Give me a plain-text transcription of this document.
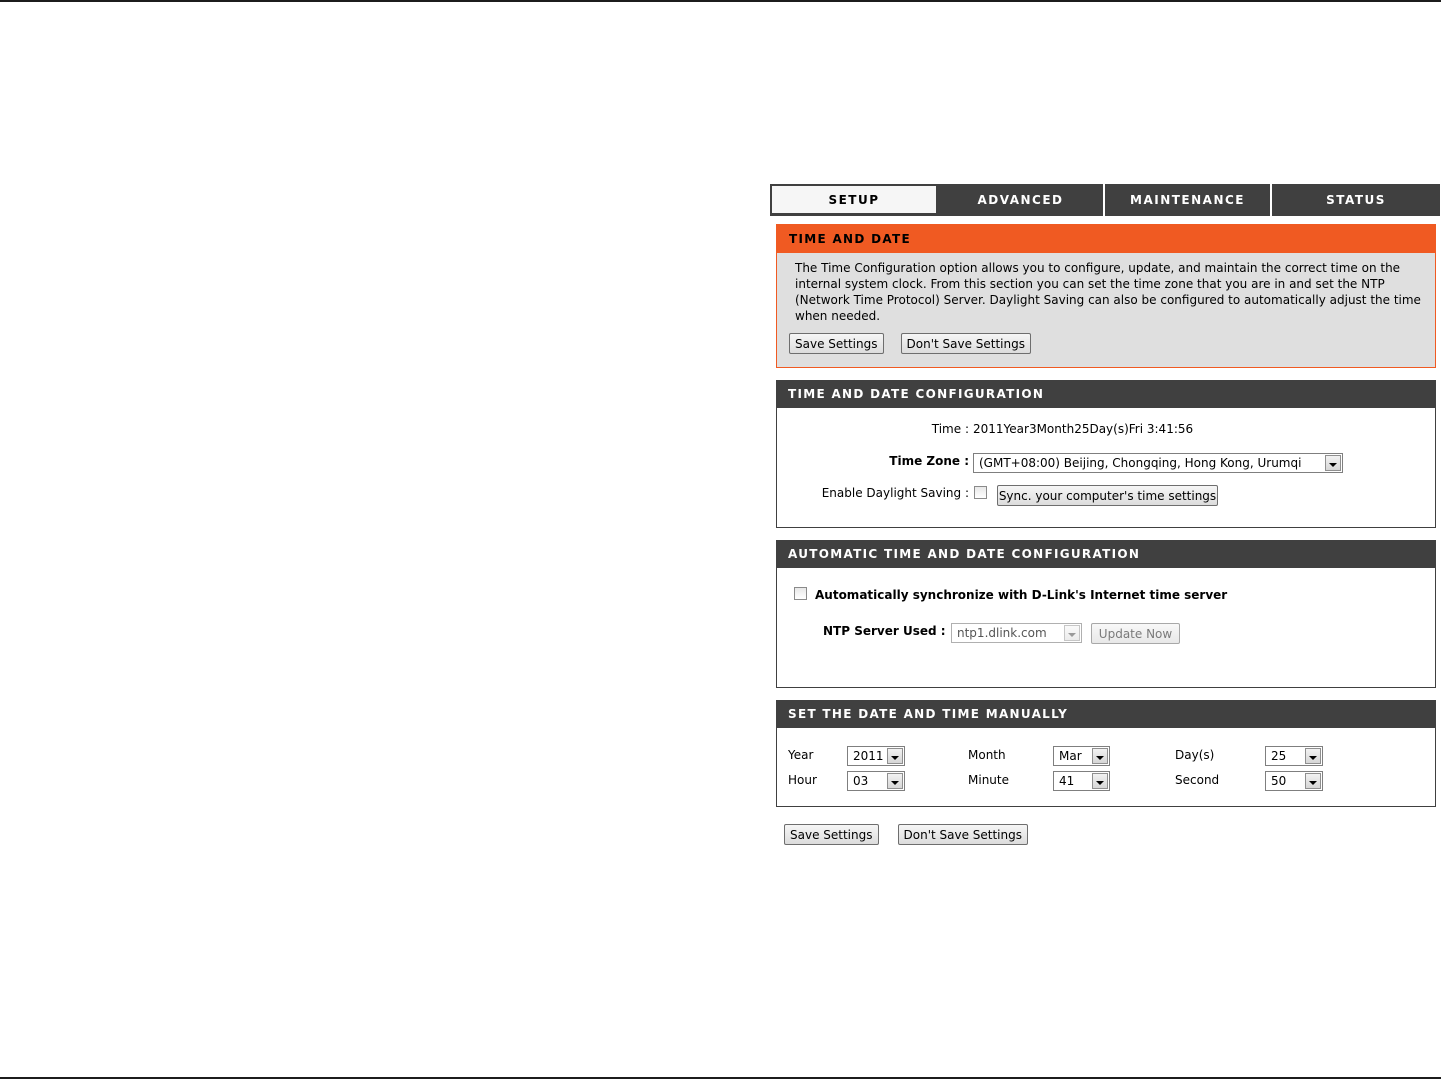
SETUP	ADVANCED	MAINTENANCE	STATUS
TIME AND DATE
The Time Configuration option allows you to configure, update, and maintain the correct time on the internal system clock. From this section you can set the time zone that you are in and set the NTP (Network Time Protocol) Server. Daylight Saving can also be configured to automatically adjust the time when needed.
Save Settings	Don't Save Settings
TIME AND DATE CONFIGURATION
Time : 2011Year3Month25Day(s)Fri 3:41:56
Time Zone : (GMT+08:00) Beijing, Chongqing, Hong Kong, Urumqi
Enable Daylight Saving : Sync. your computer's time settings
AUTOMATIC TIME AND DATE CONFIGURATION
Automatically synchronize with D-Link's Internet time server
NTP Server Used : ntp1.dlink.com	Update Now
SET THE DATE AND TIME MANUALLY
Year	2011	Month	Mar	Day(s)	25
Hour	03	Minute	41	Second	50
Save Settings	Don't Save Settings
